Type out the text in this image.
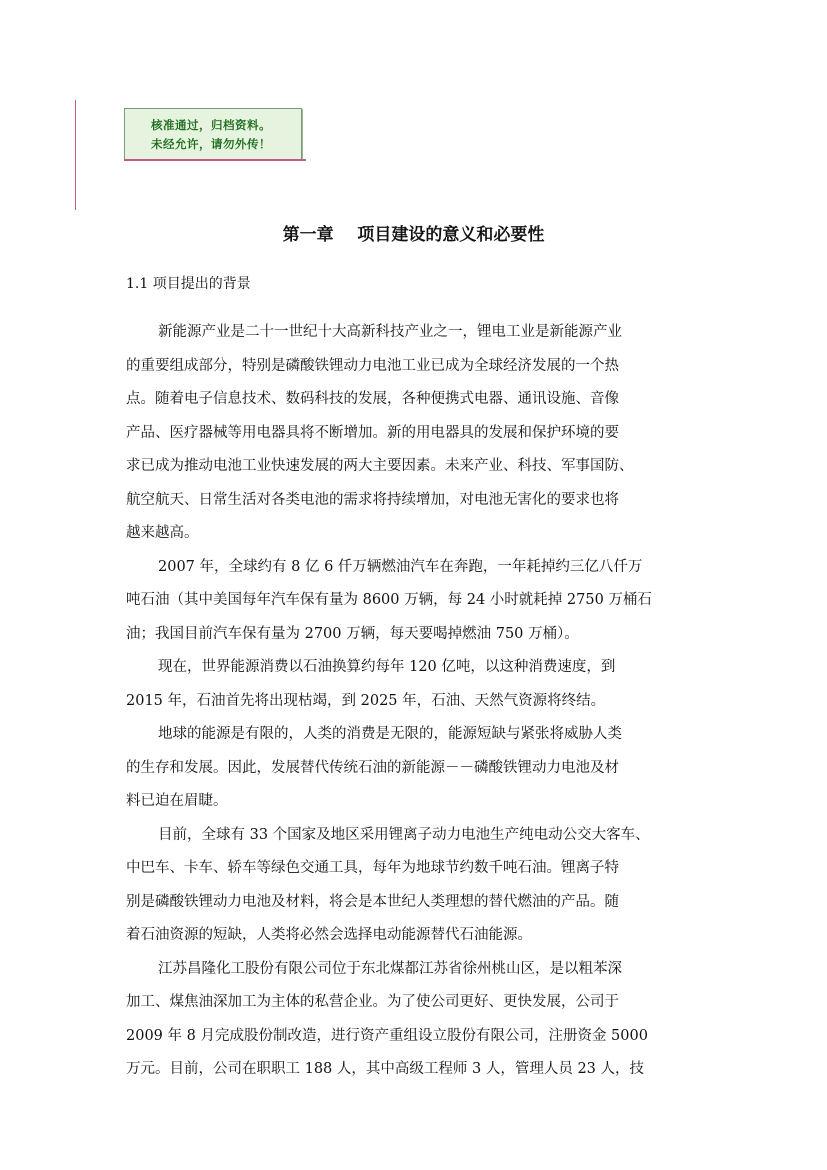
核准通过，归档资料。
未经允许，请勿外传！
第一章    项目建设的意义和必要性
1.1 项目提出的背景
新能源产业是二十一世纪十大高新科技产业之一，锂电工业是新能源产业
的重要组成部分，特别是磷酸铁锂动力电池工业已成为全球经济发展的一个热
点。随着电子信息技术、数码科技的发展，各种便携式电器、通讯设施、音像
产品、医疗器械等用电器具将不断增加。新的用电器具的发展和保护环境的要
求已成为推动电池工业快速发展的两大主要因素。未来产业、科技、军事国防、
航空航天、日常生活对各类电池的需求将持续增加，对电池无害化的要求也将
越来越高。
2007 年，全球约有 8 亿 6 仟万辆燃油汽车在奔跑，一年耗掉约三亿八仟万
吨石油（其中美国每年汽车保有量为 8600 万辆，每 24 小时就耗掉 2750 万桶石
油；我国目前汽车保有量为 2700 万辆，每天要喝掉燃油 750 万桶）。
现在，世界能源消费以石油换算约每年 120 亿吨，以这种消费速度，到
2015 年，石油首先将出现枯竭，到 2025 年，石油、天然气资源将终结。
地球的能源是有限的，人类的消费是无限的，能源短缺与紧张将威胁人类
的生存和发展。因此，发展替代传统石油的新能源－－磷酸铁锂动力电池及材
料已迫在眉睫。
目前，全球有 33 个国家及地区采用锂离子动力电池生产纯电动公交大客车、
中巴车、卡车、轿车等绿色交通工具，每年为地球节约数千吨石油。锂离子特
别是磷酸铁锂动力电池及材料，将会是本世纪人类理想的替代燃油的产品。随
着石油资源的短缺，人类将必然会选择电动能源替代石油能源。
江苏昌隆化工股份有限公司位于东北煤都江苏省徐州桃山区，是以粗苯深
加工、煤焦油深加工为主体的私营企业。为了使公司更好、更快发展，公司于
2009 年 8 月完成股份制改造，进行资产重组设立股份有限公司，注册资金 5000
万元。目前，公司在职职工 188 人，其中高级工程师 3 人，管理人员 23 人，技
